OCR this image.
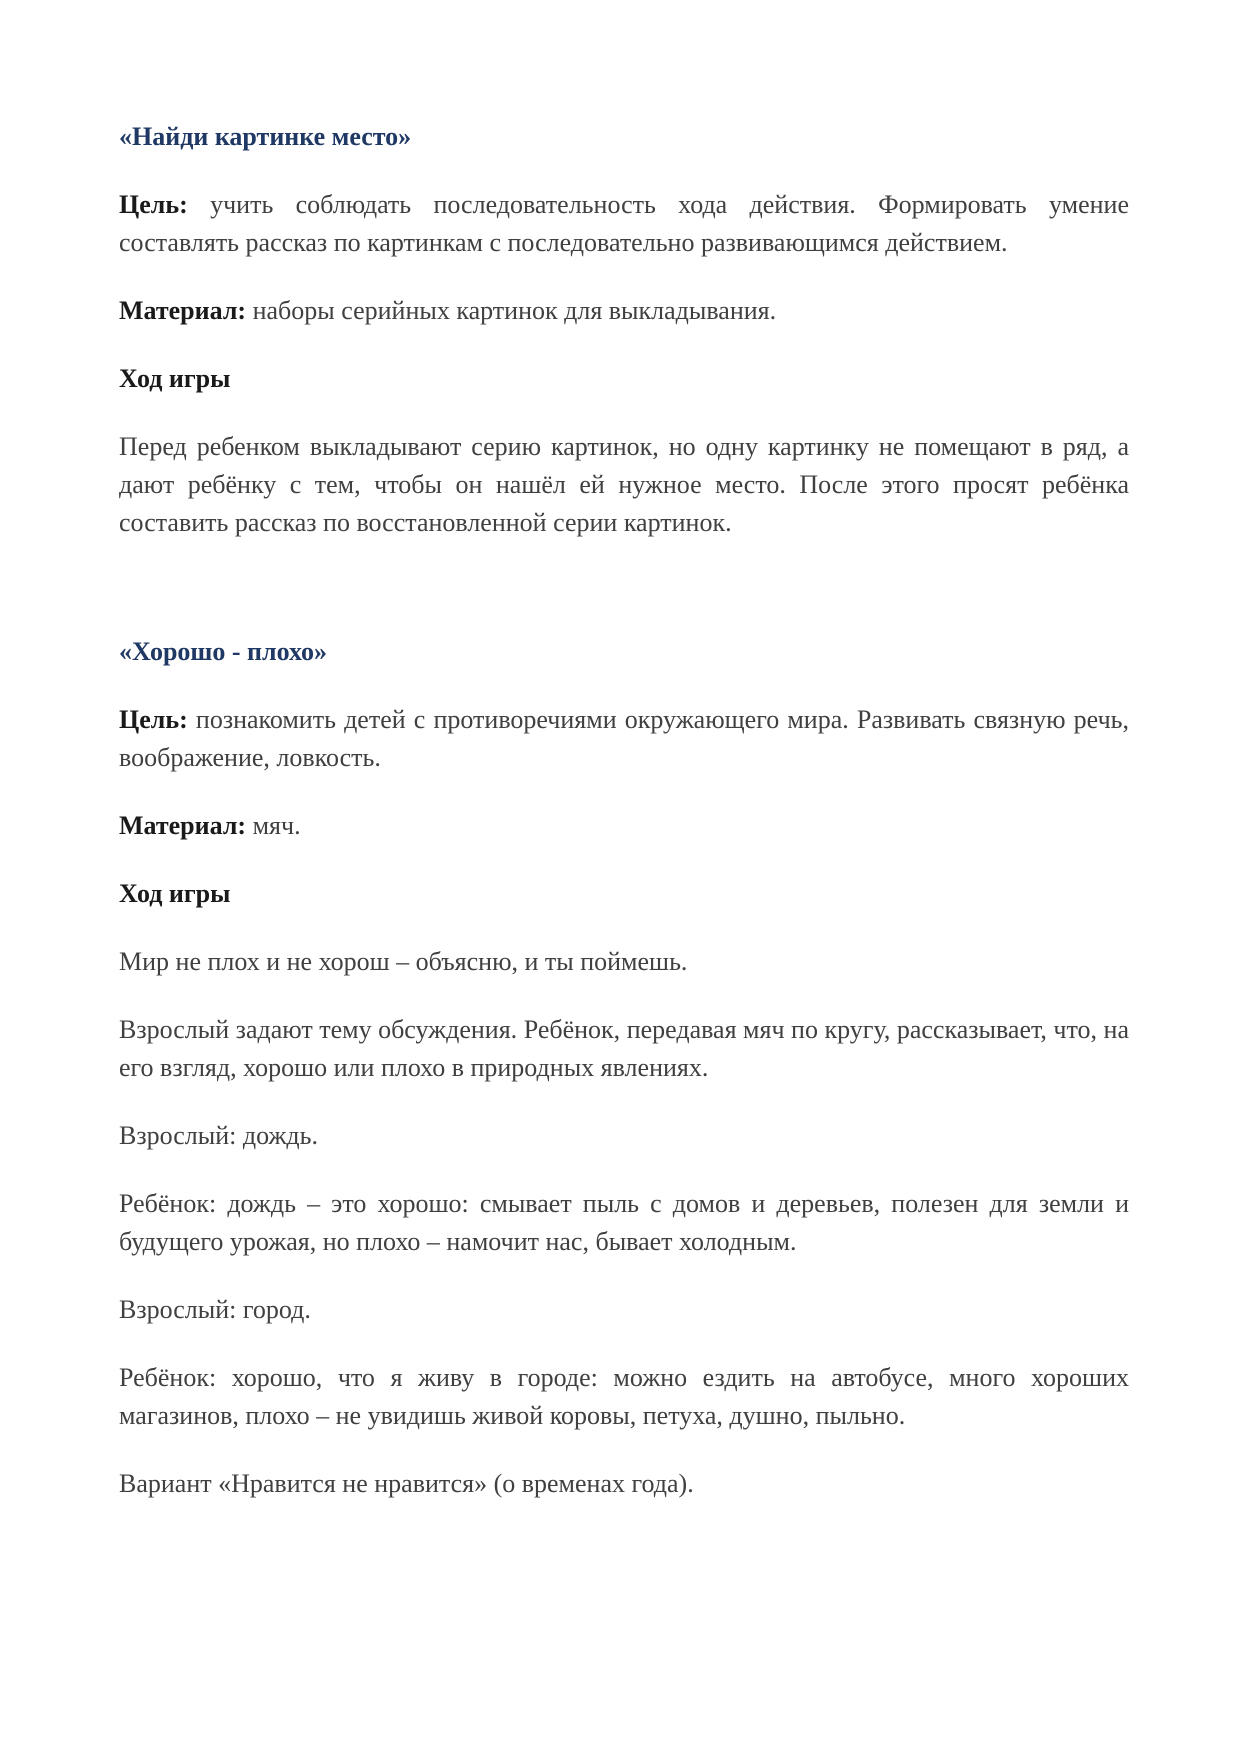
«Найди картинке место»

Цель: учить соблюдать последовательность хода действия. Формировать умение составлять рассказ по картинкам с последовательно развивающимся действием.

Материал: наборы серийных картинок для выкладывания.

Ход игры

Перед ребенком выкладывают серию картинок, но одну картинку не помещают в ряд, а дают ребёнку с тем, чтобы он нашёл ей нужное место. После этого просят ребёнка составить рассказ по восстановленной серии картинок.

«Хорошо - плохо»

Цель: познакомить детей с противоречиями окружающего мира. Развивать связную речь, воображение, ловкость.

Материал: мяч.

Ход игры

Мир не плох и не хорош – объясню, и ты поймешь.

Взрослый задают тему обсуждения. Ребёнок, передавая мяч по кругу, рассказывает, что, на его взгляд, хорошо или плохо в природных явлениях.

Взрослый: дождь.

Ребёнок: дождь – это хорошо: смывает пыль с домов и деревьев, полезен для земли и будущего урожая, но плохо – намочит нас, бывает холодным.

Взрослый: город.

Ребёнок: хорошо, что я живу в городе: можно ездить на автобусе, много хороших магазинов, плохо – не увидишь живой коровы, петуха, душно, пыльно.

Вариант «Нравится не нравится» (о временах года).
